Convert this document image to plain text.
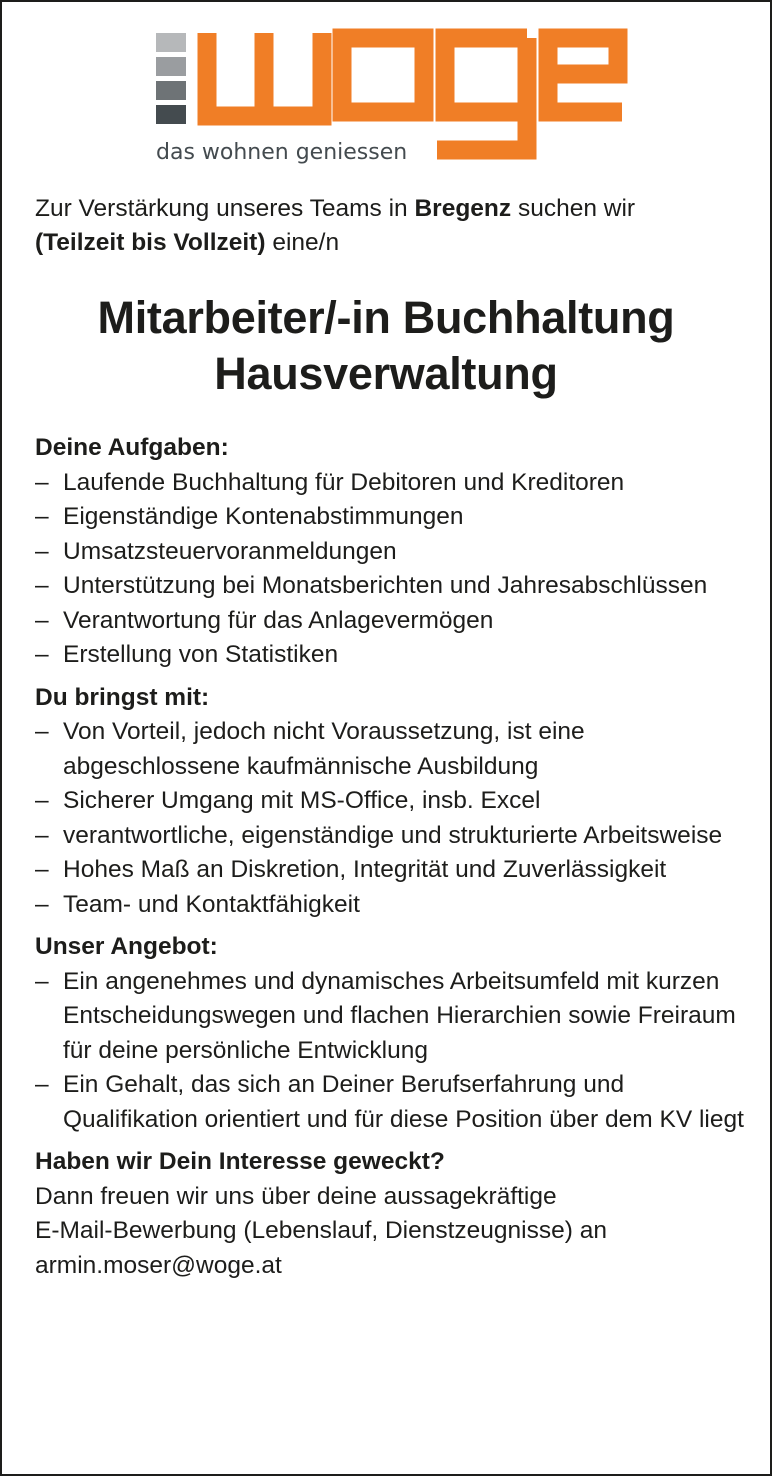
das wohnen geniessen
Zur Verstärkung unseres Teams in Bregenz suchen wir
(Teilzeit bis Vollzeit) eine/n
Mitarbeiter/-in Buchhaltung
Hausverwaltung

Deine Aufgaben:

– Laufende Buchhaltung für Debitoren und Kreditoren
– Eigenständige Kontenabstimmungen
– Umsatzsteuervoranmeldungen
– Unterstützung bei Monatsberichten und Jahresabschlüssen
– Verantwortung für das Anlagevermögen
– Erstellung von Statistiken

Du bringst mit:

– Von Vorteil, jedoch nicht Voraussetzung, ist eine abgeschlossene kaufmännische Ausbildung
– Sicherer Umgang mit MS-Office, insb. Excel
– verantwortliche, eigenständige und strukturierte Arbeitsweise
– Hohes Maß an Diskretion, Integrität und Zuverlässigkeit
– Team- und Kontaktfähigkeit

Unser Angebot:

– Ein angenehmes und dynamisches Arbeitsumfeld mit kurzen Entscheidungswegen und flachen Hierarchien sowie Freiraum für deine persönliche Entwicklung
– Ein Gehalt, das sich an Deiner Berufserfahrung und Qualifikation orientiert und für diese Position über dem KV liegt

Haben wir Dein Interesse geweckt?

Dann freuen wir uns über deine aussagekräftige

E-Mail-Bewerbung (Lebenslauf, Dienstzeugnisse) an

armin.moser@woge.at
